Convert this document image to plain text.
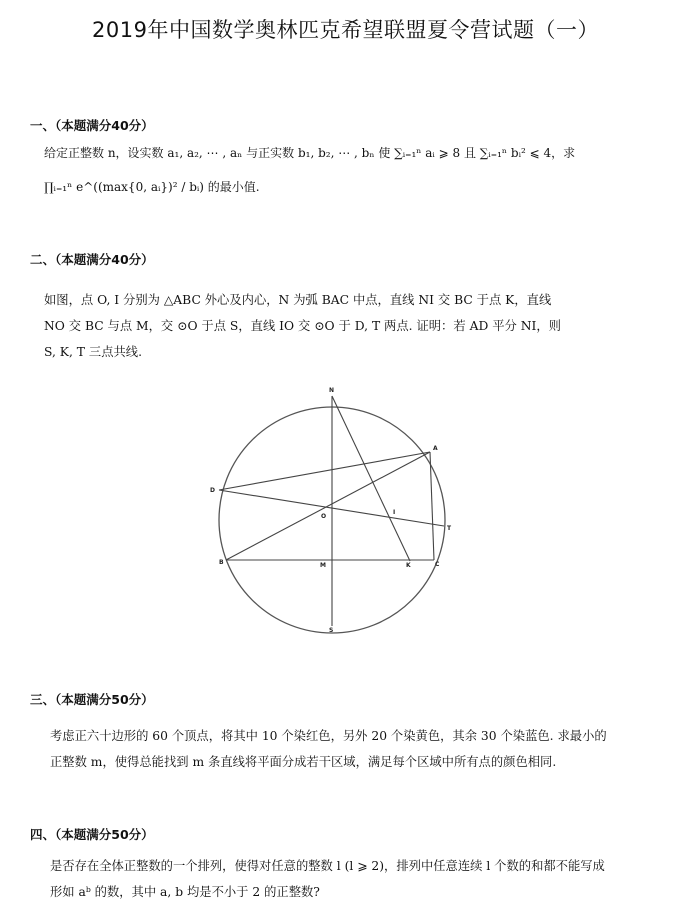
2019年中国数学奥林匹克希望联盟夏令营试题（一）
一、（本题满分40分）
给定正整数 n，设实数 a₁, a₂, ⋯ , aₙ 与正实数 b₁, b₂, ⋯ , bₙ 使 ∑ᵢ₌₁ⁿ aᵢ ⩾ 8 且 ∑ᵢ₌₁ⁿ bᵢ² ⩽ 4，求
∏ᵢ₌₁ⁿ e^((max{0, aᵢ})² / bᵢ) 的最小值.
二、（本题满分40分）
如图，点 O, I 分别为 △ABC 外心及内心，N 为弧 BAC 中点，直线 NI 交 BC 于点 K，直线
NO 交 BC 与点 M，交 ⊙O 于点 S，直线 IO 交 ⊙O 于 D, T 两点. 证明：若 AD 平分 NI，则
S, K, T 三点共线.
N
A
D
O
I
T
B	M	K	C
S
三、（本题满分50分）
考虑正六十边形的 60 个顶点，将其中 10 个染红色，另外 20 个染黄色，其余 30 个染蓝色. 求最小的
正整数 m，使得总能找到 m 条直线将平面分成若干区域，满足每个区域中所有点的颜色相同.
四、（本题满分50分）
是否存在全体正整数的一个排列，使得对任意的整数 l (l ⩾ 2)，排列中任意连续 l 个数的和都不能写成
形如 aᵇ 的数，其中 a, b 均是不小于 2 的正整数?
